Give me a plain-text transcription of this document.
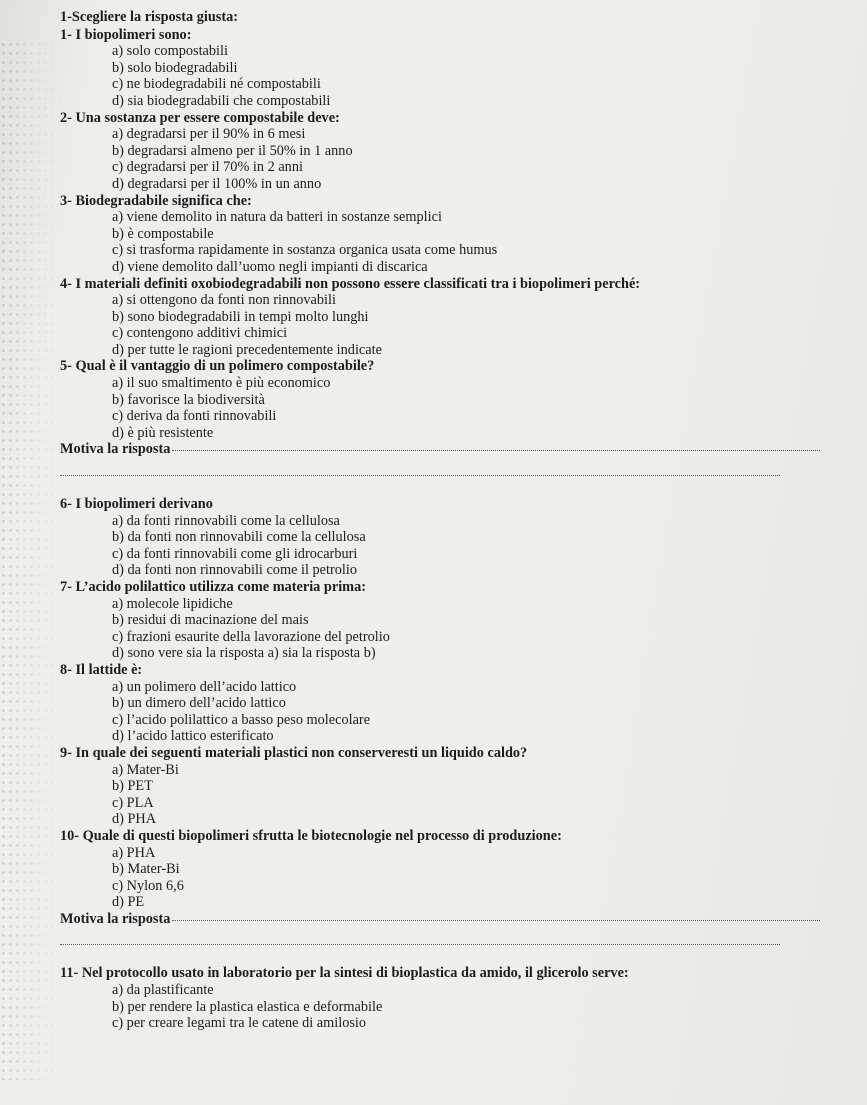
1-Scegliere la risposta giusta:
1- I biopolimeri sono:
a) solo compostabili
b) solo biodegradabili
c) ne biodegradabili né compostabili
d) sia biodegradabili che compostabili
2- Una sostanza per essere compostabile deve:
a) degradarsi per il 90% in 6 mesi
b) degradarsi almeno per il 50% in 1 anno
c) degradarsi per il 70% in 2 anni
d) degradarsi per il 100% in un anno
3- Biodegradabile significa che:
a) viene demolito in natura da batteri in sostanze semplici
b) è compostabile
c) si trasforma rapidamente in sostanza organica usata come humus
d) viene demolito dall’uomo negli impianti di discarica
4- I materiali definiti oxobiodegradabili non possono essere classificati tra i biopolimeri perché:
a) si ottengono da fonti non rinnovabili
b) sono biodegradabili in tempi molto lunghi
c) contengono additivi chimici
d) per tutte le ragioni precedentemente indicate
5- Qual è il vantaggio di un polimero compostabile?
a) il suo smaltimento è più economico
b) favorisce la biodiversità
c) deriva da fonti rinnovabili
d) è più resistente
Motiva la risposta
6- I biopolimeri derivano
a) da fonti rinnovabili come la cellulosa
b) da fonti non rinnovabili come la cellulosa
c) da fonti rinnovabili come gli idrocarburi
d) da fonti non rinnovabili come il petrolio
7- L’acido polilattico utilizza come materia prima:
a) molecole lipidiche
b) residui di macinazione del mais
c) frazioni esaurite della lavorazione del petrolio
d) sono vere sia la risposta a) sia la risposta b)
8- Il lattide è:
a) un polimero dell’acido lattico
b) un dimero dell’acido lattico
c) l’acido polilattico a basso peso molecolare
d) l’acido lattico esterificato
9- In quale dei seguenti materiali plastici non conserveresti un liquido caldo?
a) Mater-Bi
b) PET
c) PLA
d) PHA
10- Quale di questi biopolimeri sfrutta le biotecnologie nel processo di produzione:
a) PHA
b) Mater-Bi
c) Nylon 6,6
d) PE
Motiva la risposta
11- Nel protocollo usato in laboratorio per la sintesi di bioplastica da amido, il glicerolo serve:
a) da plastificante
b) per rendere la plastica elastica e deformabile
c) per creare legami tra le catene di amilosio
